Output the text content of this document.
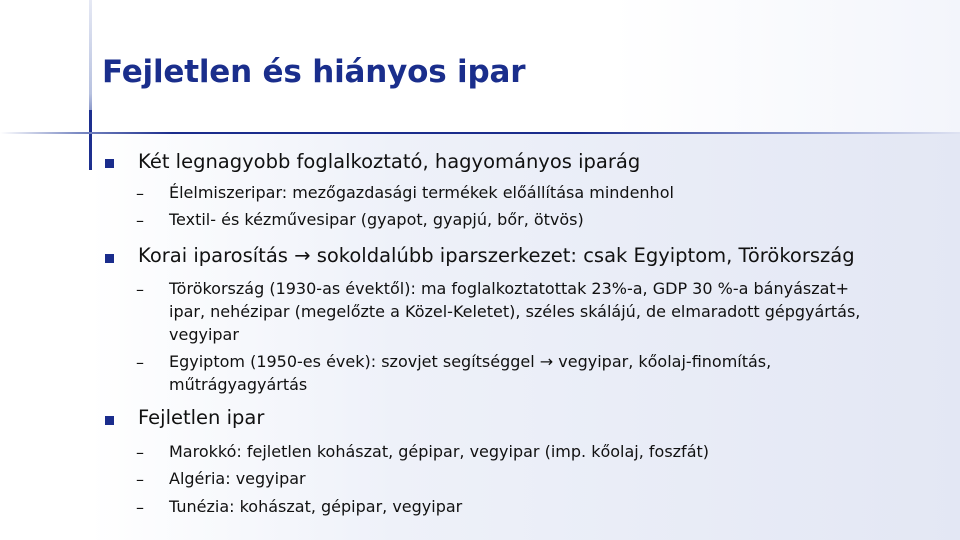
Fejletlen és hiányos ipar
Két legnagyobb foglalkoztató, hagyományos iparág
– Élelmiszeripar: mezőgazdasági termékek előállítása mindenhol
– Textil- és kézművesipar (gyapot, gyapjú, bőr, ötvös)
Korai iparosítás → sokoldalúbb iparszerkezet: csak Egyiptom, Törökország
– Törökország (1930-as évektől): ma foglalkoztatottak 23%-a, GDP 30 %-a bányászat+
ipar, nehézipar (megelőzte a Közel-Keletet), széles skálájú, de elmaradott gépgyártás,
vegyipar
– Egyiptom (1950-es évek): szovjet segítséggel → vegyipar, kőolaj-finomítás,
műtrágyagyártás
Fejletlen ipar
– Marokkó: fejletlen kohászat, gépipar, vegyipar (imp. kőolaj, foszfát)
– Algéria: vegyipar
– Tunézia: kohászat, gépipar, vegyipar
